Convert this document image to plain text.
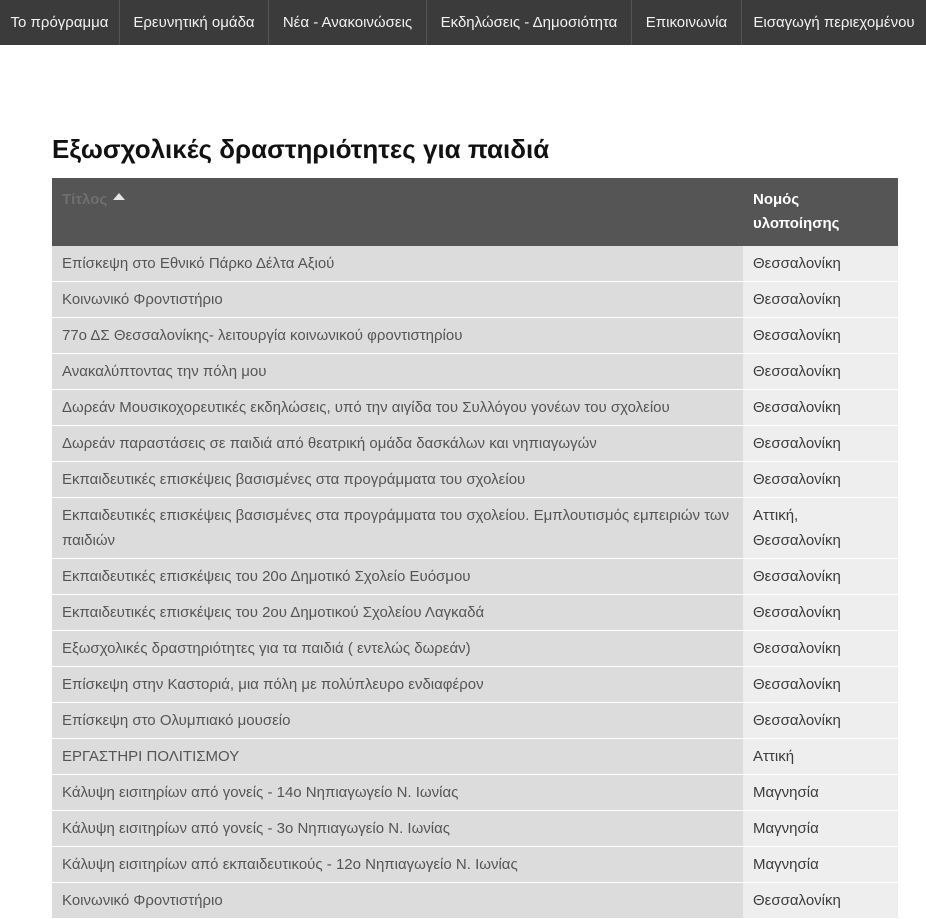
Το πρόγραμμα	Ερευνητική ομάδα	Νέα - Ανακοινώσεις	Εκδηλώσεις - Δημοσιότητα	Επικοινωνία	Εισαγωγή περιεχομένου
Εξωσχολικές δραστηριότητες για παιδιά
Τίτλος	Νομός υλοποίησης
Επίσκεψη στο Εθνικό Πάρκο Δέλτα Αξιού	Θεσσαλονίκη
Κοινωνικό Φροντιστήριο	Θεσσαλονίκη
77ο ΔΣ Θεσσαλονίκης- λειτουργία κοινωνικού φροντιστηρίου	Θεσσαλονίκη
Ανακαλύπτοντας την πόλη μου	Θεσσαλονίκη
Δωρεάν Μουσικοχορευτικές εκδηλώσεις, υπό την αιγίδα του Συλλόγου γονέων του σχολείου	Θεσσαλονίκη
Δωρεάν παραστάσεις σε παιδιά από θεατρική ομάδα δασκάλων και νηπιαγωγών	Θεσσαλονίκη
Εκπαιδευτικές επισκέψεις βασισμένες στα προγράμματα του σχολείου	Θεσσαλονίκη
Εκπαιδευτικές επισκέψεις βασισμένες στα προγράμματα του σχολείου. Εμπλουτισμός εμπειριών των παιδιών	Αττική, Θεσσαλονίκη
Εκπαιδευτικές επισκέψεις του 20ο Δημοτικό Σχολείο Ευόσμου	Θεσσαλονίκη
Εκπαιδευτικές επισκέψεις του 2ου Δημοτικού Σχολείου Λαγκαδά	Θεσσαλονίκη
Εξωσχολικές δραστηριότητες για τα παιδιά ( εντελώς δωρεάν)	Θεσσαλονίκη
Επίσκεψη στην Καστοριά, μια πόλη με πολύπλευρο ενδιαφέρον	Θεσσαλονίκη
Επίσκεψη στο Ολυμπιακό μουσείο	Θεσσαλονίκη
ΕΡΓΑΣΤΗΡΙ ΠΟΛΙΤΙΣΜΟΥ	Αττική
Κάλυψη εισιτηρίων από γονείς - 14ο Νηπιαγωγείο Ν. Ιωνίας	Μαγνησία
Κάλυψη εισιτηρίων από γονείς - 3ο Νηπιαγωγείο Ν. Ιωνίας	Μαγνησία
Κάλυψη εισιτηρίων από εκπαιδευτικούς - 12ο Νηπιαγωγείο Ν. Ιωνίας	Μαγνησία
Κοινωνικό Φροντιστήριο	Θεσσαλονίκη
